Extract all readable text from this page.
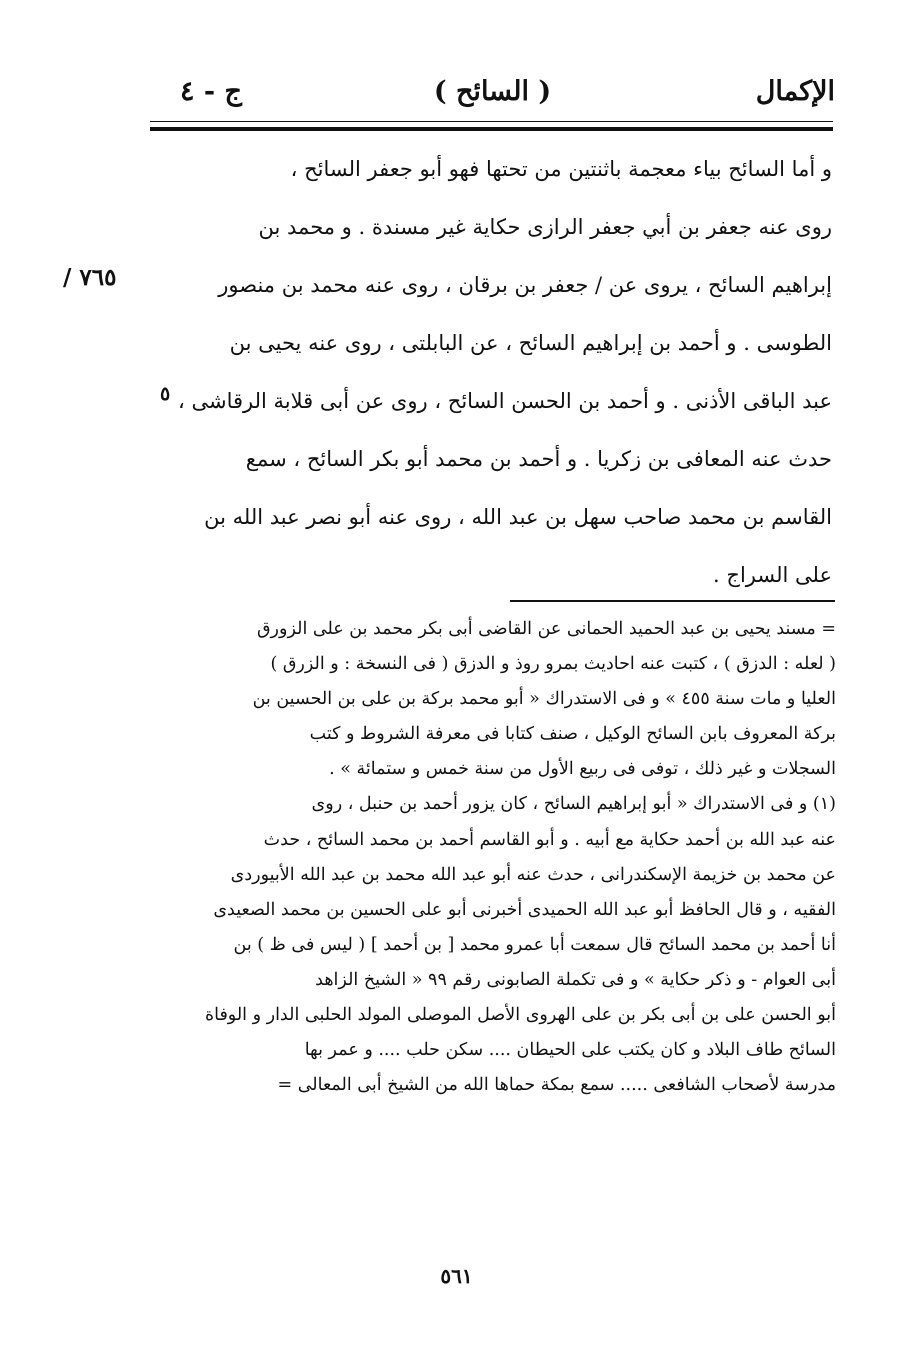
الإكمال
( السائح )
ج - ٤
/ ٧٦٥
٥

و أما السائح بياء معجمة باثنتين من تحتها فهو أبو جعفر السائح ،

روى عنه جعفر بن أبي جعفر الرازى حكاية غير مسندة . و محمد بن

إبراهيم السائح ، يروى عن / جعفر بن برقان ، روى عنه محمد بن منصور

الطوسى . و أحمد بن إبراهيم السائح ، عن البابلتى ، روى عنه يحيى بن

عبد الباقى الأذنى . و أحمد بن الحسن السائح ، روى عن أبى قلابة الرقاشى ،

حدث عنه المعافى بن زكريا . و أحمد بن محمد أبو بكر السائح ، سمع

القاسم بن محمد صاحب سهل بن عبد الله ، روى عنه أبو نصر عبد الله بن

على السراج .

= مسند يحيى بن عبد الحميد الحمانى عن القاضى أبى بكر محمد بن على الزورق

( لعله : الدزق ) ، كتبت عنه احاديث بمرو روذ و الدزق ( فى النسخة : و الزرق )

العليا و مات سنة ٤٥٥ » و فى الاستدراك « أبو محمد بركة بن على بن الحسين بن

بركة المعروف بابن السائح الوكيل ، صنف كتابا فى معرفة الشروط و كتب

السجلات و غير ذلك ، توفى فى ربيع الأول من سنة خمس و ستمائة » .

(١) و فى الاستدراك « أبو إبراهيم السائح ، كان يزور أحمد بن حنبل ، روى

عنه عبد الله بن أحمد حكاية مع أبيه . و أبو القاسم أحمد بن محمد السائح ، حدث

عن محمد بن خزيمة الإسكندرانى ، حدث عنه أبو عبد الله محمد بن عبد الله الأبيوردى

الفقيه ، و قال الحافظ أبو عبد الله الحميدى أخبرنى أبو على الحسين بن محمد الصعيدى

أنا أحمد بن محمد السائح قال سمعت أبا عمرو محمد [ بن أحمد ] ( ليس فى ظ ) بن

أبى العوام - و ذكر حكاية » و فى تكملة الصابونى رقم ٩٩ « الشيخ الزاهد

أبو الحسن على بن أبى بكر بن على الهروى الأصل الموصلى المولد الحلبى الدار و الوفاة

السائح طاف البلاد و كان يكتب على الحيطان .... سكن حلب .... و عمر بها

مدرسة لأصحاب الشافعى ..... سمع بمكة حماها الله من الشيخ أبى المعالى =

٥٦١
